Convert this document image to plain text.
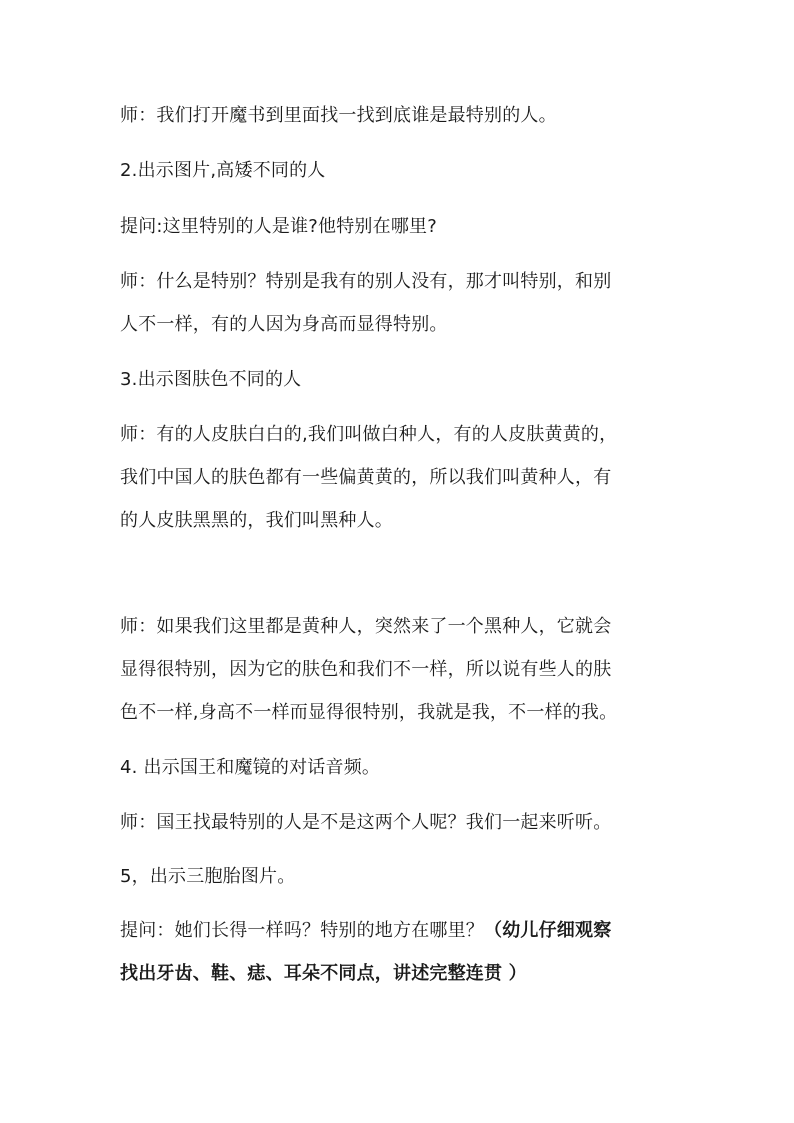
师：我们打开魔书到里面找一找到底谁是最特别的人。
2.出示图片,高矮不同的人
提问:这里特别的人是谁?他特别在哪里?
师：什么是特别？特别是我有的别人没有，那才叫特别，和别
人不一样，有的人因为身高而显得特别。
3.出示图肤色不同的人
师：有的人皮肤白白的,我们叫做白种人，有的人皮肤黄黄的，
我们中国人的肤色都有一些偏黄黄的，所以我们叫黄种人，有
的人皮肤黑黑的，我们叫黑种人。
师：如果我们这里都是黄种人，突然来了一个黑种人，它就会
显得很特别，因为它的肤色和我们不一样，所以说有些人的肤
色不一样,身高不一样而显得很特别，我就是我，不一样的我。
4. 出示国王和魔镜的对话音频。
师：国王找最特别的人是不是这两个人呢？我们一起来听听。
5，出示三胞胎图片。
提问：她们长得一样吗？特别的地方在哪里？（幼儿仔细观察
找出牙齿、鞋、痣、耳朵不同点，讲述完整连贯 ）
